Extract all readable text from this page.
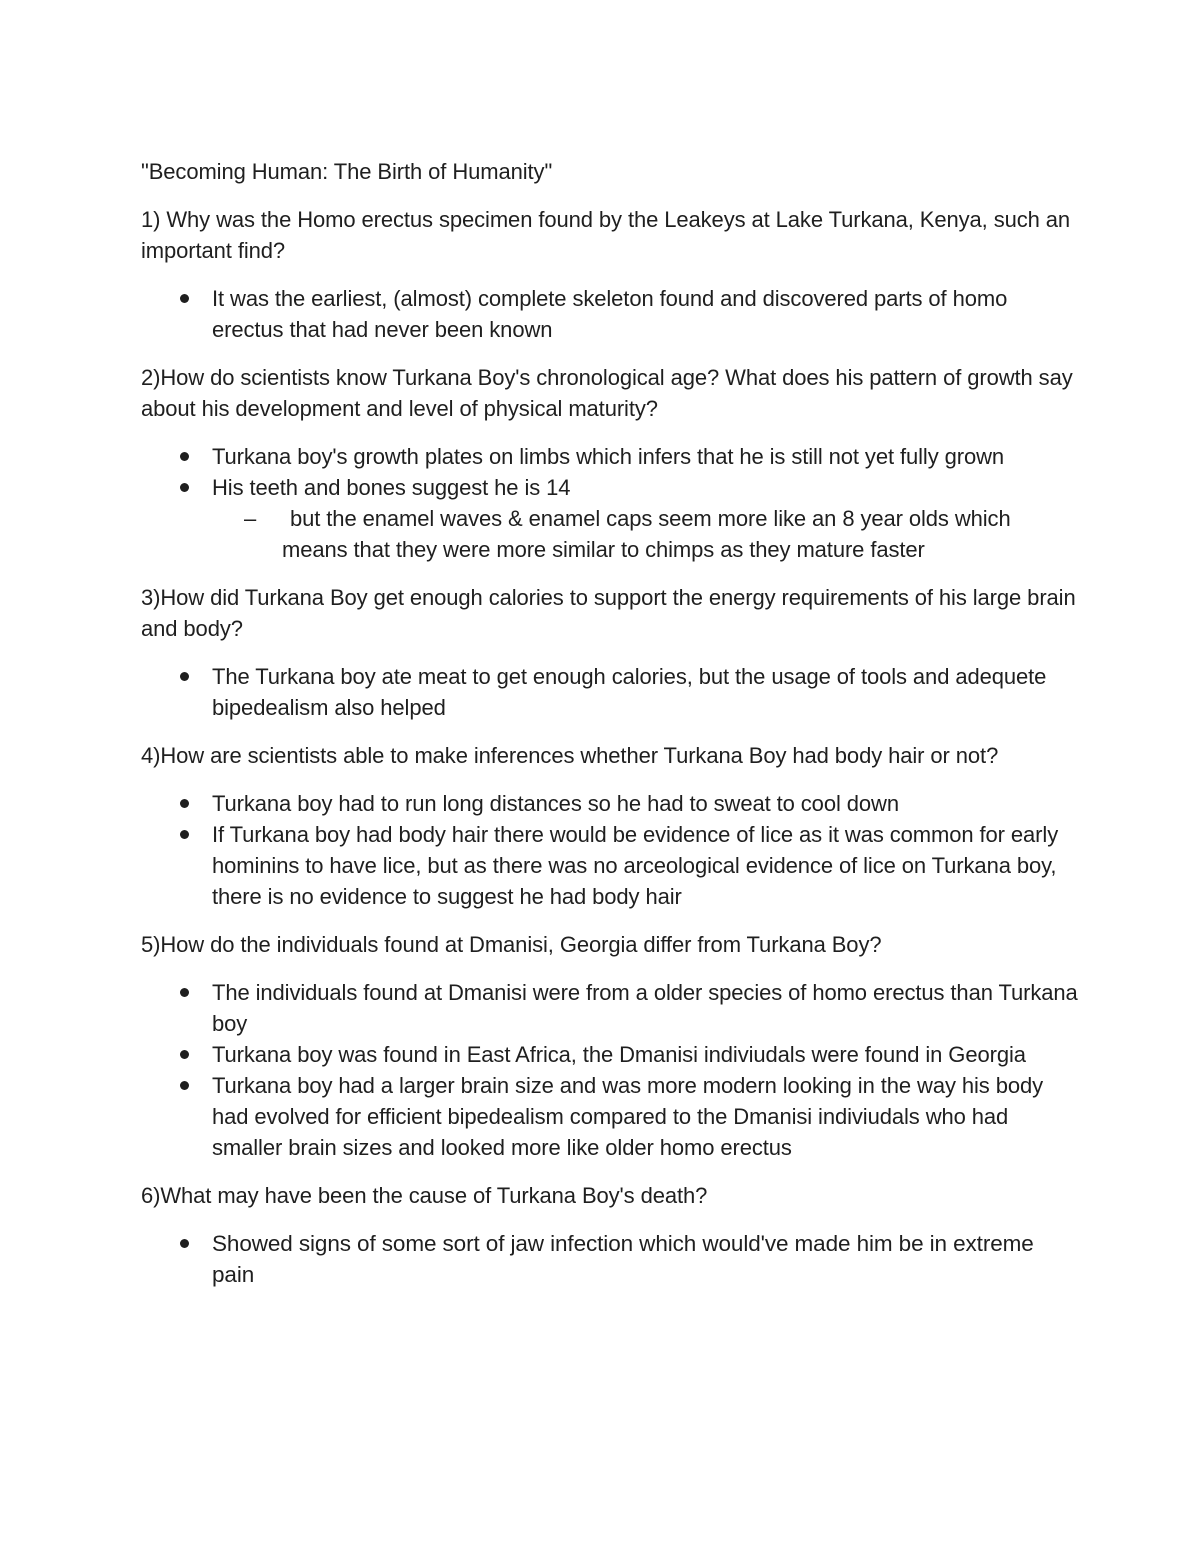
"Becoming Human: The Birth of Humanity"

1) Why was the Homo erectus specimen found by the Leakeys at Lake Turkana, Kenya, such an important find?

It was the earliest, (almost) complete skeleton found and discovered parts of homo erectus that had never been known

2)How do scientists know Turkana Boy's chronological age? What does his pattern of growth say about his development and level of physical maturity?

Turkana boy's growth plates on limbs which infers that he is still not yet fully grown
His teeth and bones suggest he is 14
–	but the enamel waves & enamel caps seem more like an 8 year olds which means that they were more similar to chimps as they mature faster

3)How did Turkana Boy get enough calories to support the energy requirements of his large brain and body?

The Turkana boy ate meat to get enough calories, but the usage of tools and adequete bipedealism also helped

4)How are scientists able to make inferences whether Turkana Boy had body hair or not?

Turkana boy had to run long distances so he had to sweat to cool down
If Turkana boy had body hair there would be evidence of lice as it was common for early hominins to have lice, but as there was no arceological evidence of lice on Turkana boy, there is no evidence to suggest he had body hair

5)How do the individuals found at Dmanisi, Georgia differ from Turkana Boy?

The individuals found at Dmanisi were from a older species of homo erectus than Turkana boy
Turkana boy was found in East Africa, the Dmanisi indiviudals were found in Georgia
Turkana boy had a larger brain size and was more modern looking in the way his body had evolved for efficient bipedealism compared to the Dmanisi indiviudals who had smaller brain sizes and looked more like older homo erectus

6)What may have been the cause of Turkana Boy's death?

Showed signs of some sort of jaw infection which would've made him be in extreme pain
